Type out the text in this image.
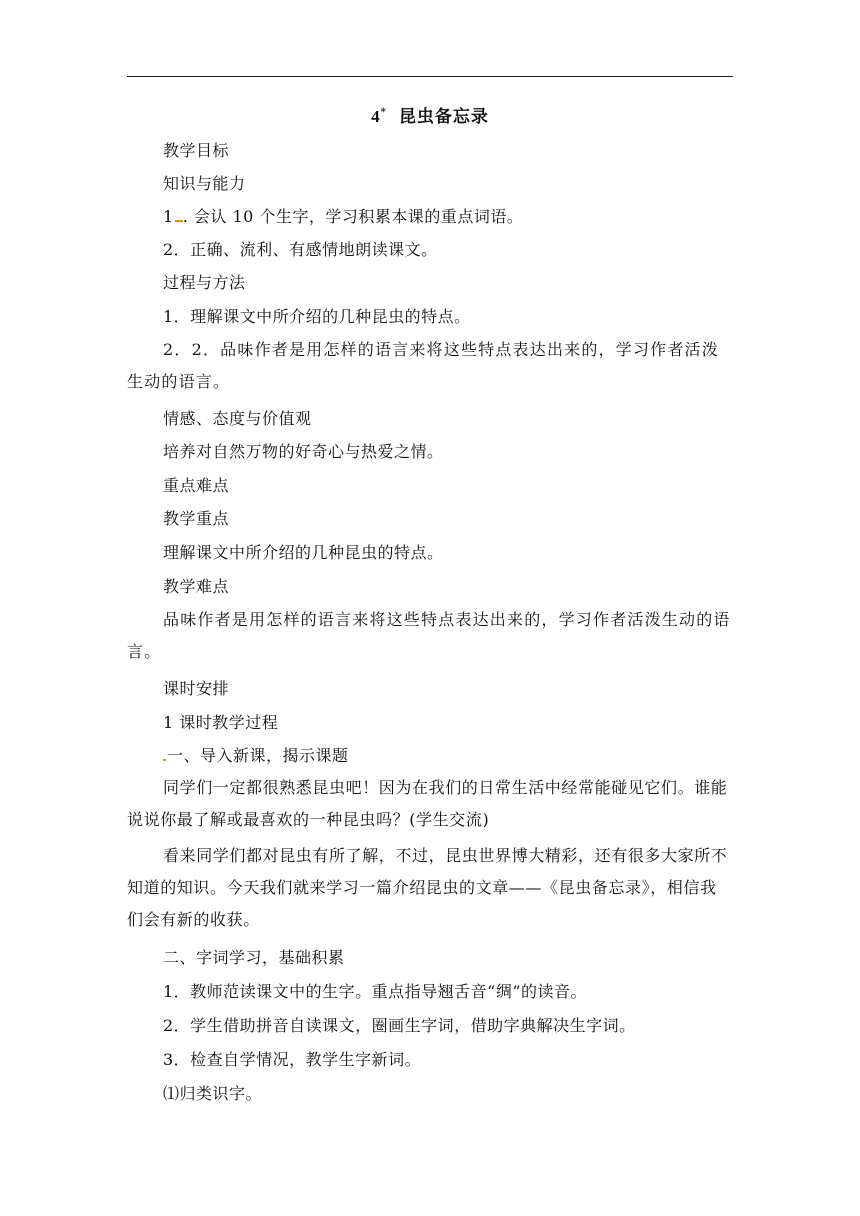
4* 昆虫备忘录
教学目标
知识与能力
1 . 会认 10 个生字，学习积累本课的重点词语。
2．正确、流利、有感情地朗读课文。
过程与方法
1．理解课文中所介绍的几种昆虫的特点。
2．2．品味作者是用怎样的语言来将这些特点表达出来的，学习作者活泼生动的语言。
情感、态度与价值观
培养对自然万物的好奇心与热爱之情。
重点难点
教学重点
理解课文中所介绍的几种昆虫的特点。
教学难点
品味作者是用怎样的语言来将这些特点表达出来的，学习作者活泼生动的语言。
课时安排
1 课时教学过程
一、导入新课，揭示课题
同学们一定都很熟悉昆虫吧！因为在我们的日常生活中经常能碰见它们。谁能说说你最了解或最喜欢的一种昆虫吗？(学生交流)
看来同学们都对昆虫有所了解，不过，昆虫世界博大精彩，还有很多大家所不知道的知识。今天我们就来学习一篇介绍昆虫的文章——《昆虫备忘录》，相信我们会有新的收获。
二、字词学习，基础积累
1．教师范读课文中的生字。重点指导翘舌音“绸”的读音。
2．学生借助拼音自读课文，圈画生字词，借助字典解决生字词。
3．检查自学情况，教学生字新词。
⑴归类识字。
